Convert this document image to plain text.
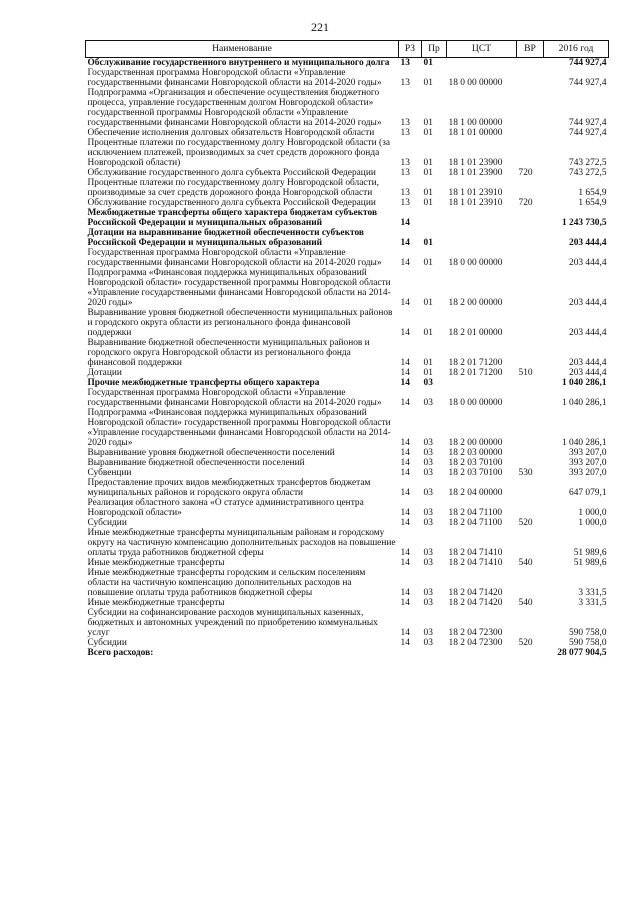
221
Наименование	РЗ	Пр	ЦСТ	ВР	2016 год
Обслуживание государственного внутреннего и муниципального долга	13	01			744 927,4
Государственная программа Новгородской области «Управление государственными финансами Новгородской области на 2014-2020 годы»	13	01	18 0 00 00000		744 927,4
Подпрограмма «Организация и обеспечение осуществления бюджетного процесса, управление государственным долгом Новгородской области» государственной программы Новгородской области «Управление государственными финансами Новгородской области на 2014-2020 годы»	13	01	18 1 00 00000		744 927,4
Обеспечение исполнения долговых обязательств Новгородской области	13	01	18 1 01 00000		744 927,4
Процентные платежи по государственному долгу Новгородской области (за исключением платежей, производимых за счет средств дорожного фонда Новгородской области)	13	01	18 1 01 23900		743 272,5
Обслуживание государственного долга субъекта Российской Федерации	13	01	18 1 01 23900	720	743 272,5
Процентные платежи по государственному долгу Новгородской области, производимые за счет средств дорожного фонда Новгородской области	13	01	18 1 01 23910		1 654,9
Обслуживание государственного долга субъекта Российской Федерации	13	01	18 1 01 23910	720	1 654,9
Межбюджетные трансферты общего характера бюджетам субъектов Российской Федерации и муниципальных образований	14				1 243 730,5
Дотации на выравнивание бюджетной обеспеченности субъектов Российской Федерации и муниципальных образований	14	01			203 444,4
Государственная программа Новгородской области «Управление государственными финансами Новгородской области на 2014-2020 годы»	14	01	18 0 00 00000		203 444,4
Подпрограмма «Финансовая поддержка муниципальных образований Новгородской области» государственной программы Новгородской области «Управление государственными финансами Новгородской области на 2014-2020 годы»	14	01	18 2 00 00000		203 444,4
Выравнивание уровня бюджетной обеспеченности муниципальных районов и городского округа области из регионального фонда финансовой поддержки	14	01	18 2 01 00000		203 444,4
Выравнивание бюджетной обеспеченности муниципальных районов и городского округа Новгородской области из регионального фонда финансовой поддержки	14	01	18 2 01 71200		203 444,4
Дотации	14	01	18 2 01 71200	510	203 444,4
Прочие межбюджетные трансферты общего характера	14	03			1 040 286,1
Государственная программа Новгородской области «Управление государственными финансами Новгородской области на 2014-2020 годы»	14	03	18 0 00 00000		1 040 286,1
Подпрограмма «Финансовая поддержка муниципальных образований Новгородской области» государственной программы Новгородской области «Управление государственными финансами Новгородской области на 2014-2020 годы»	14	03	18 2 00 00000		1 040 286,1
Выравнивание уровня бюджетной обеспеченности поселений	14	03	18 2 03 00000		393 207,0
Выравнивание бюджетной обеспеченности поселений	14	03	18 2 03 70100		393 207,0
Субвенции	14	03	18 2 03 70100	530	393 207,0
Предоставление прочих видов межбюджетных трансфертов бюджетам муниципальных районов и городского округа области	14	03	18 2 04 00000		647 079,1
Реализация областного закона «О статусе административного центра Новгородской области»	14	03	18 2 04 71100		1 000,0
Субсидии	14	03	18 2 04 71100	520	1 000,0
Иные межбюджетные трансферты муниципальным районам и городскому округу на частичную компенсацию дополнительных расходов на повышение оплаты труда работников бюджетной сферы	14	03	18 2 04 71410		51 989,6
Иные межбюджетные трансферты	14	03	18 2 04 71410	540	51 989,6
Иные межбюджетные трансферты городским и сельским поселениям области на частичную компенсацию дополнительных расходов на повышение оплаты труда работников бюджетной сферы	14	03	18 2 04 71420		3 331,5
Иные межбюджетные трансферты	14	03	18 2 04 71420	540	3 331,5
Субсидии на софинансирование расходов муниципальных казенных, бюджетных и автономных учреждений по приобретению коммунальных услуг	14	03	18 2 04 72300		590 758,0
Субсидии	14	03	18 2 04 72300	520	590 758,0
Всего расходов:					28 077 904,5
